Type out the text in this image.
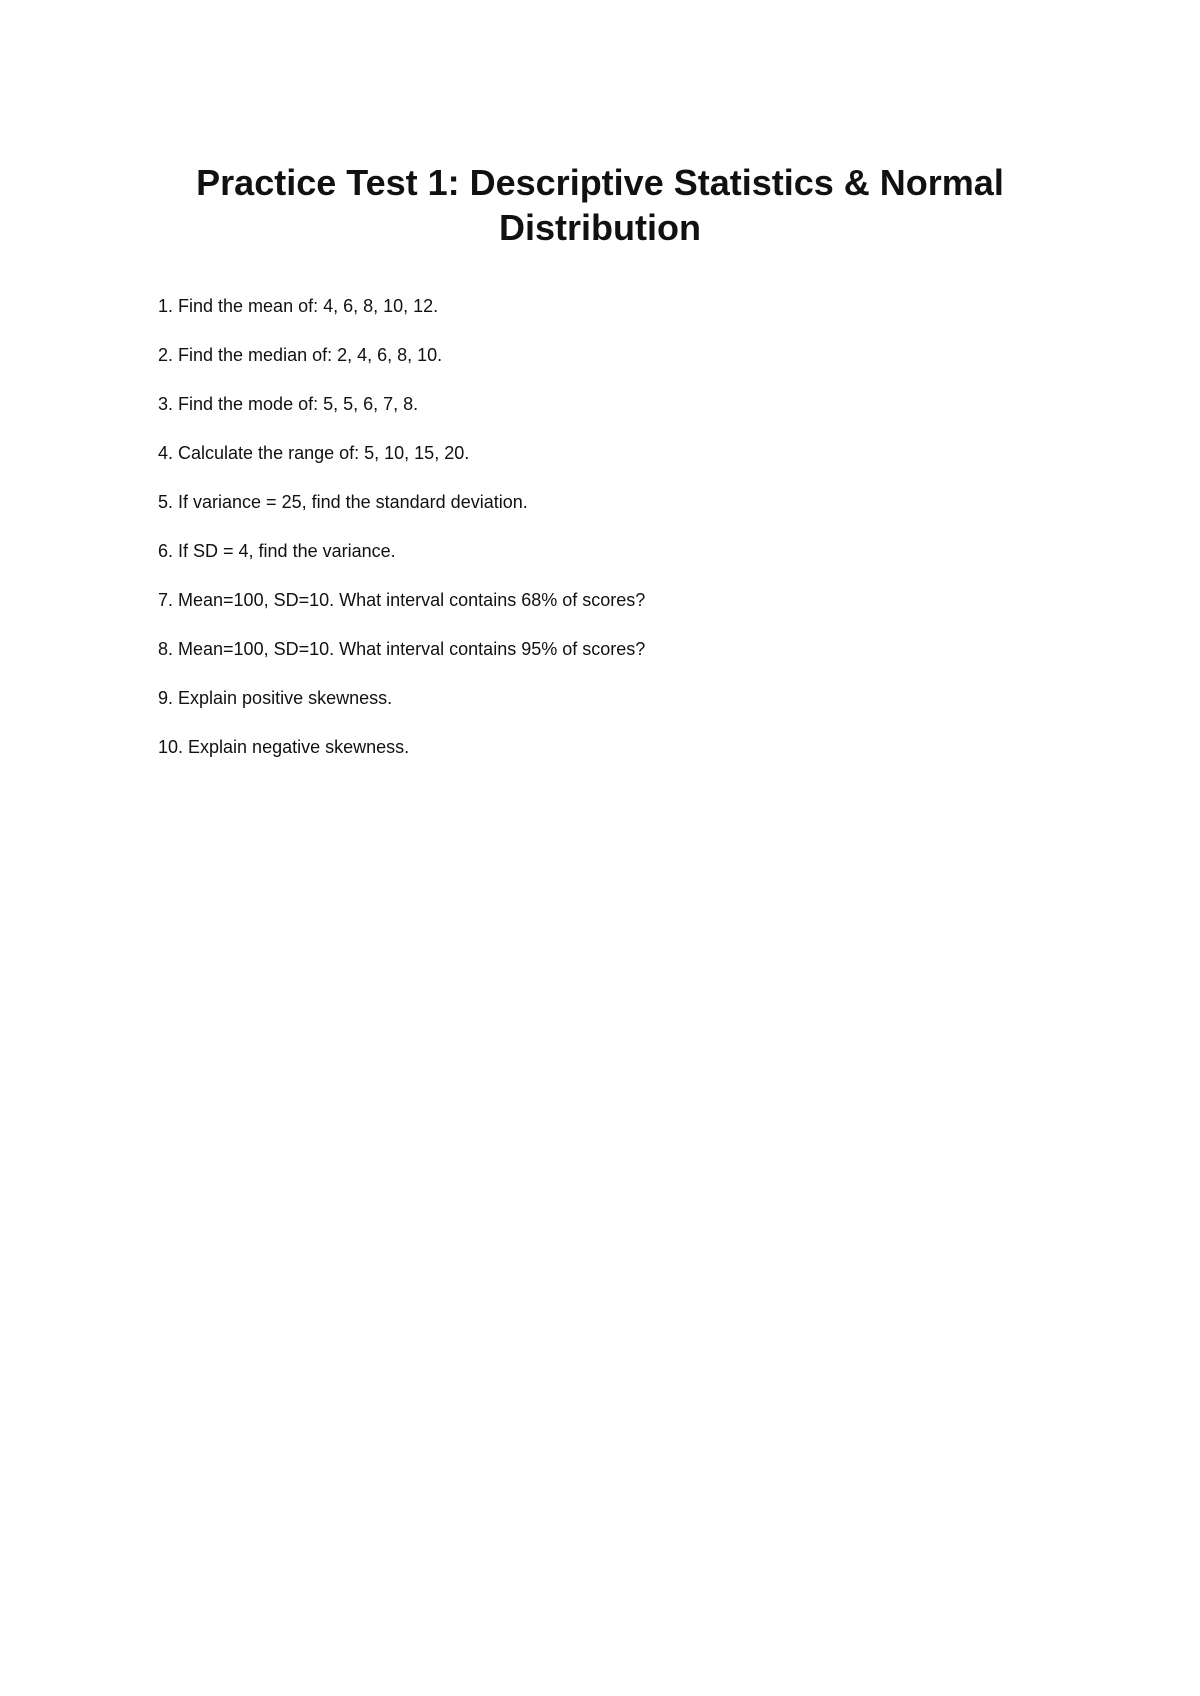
Practice Test 1: Descriptive Statistics & Normal Distribution
1. Find the mean of: 4, 6, 8, 10, 12.
2. Find the median of: 2, 4, 6, 8, 10.
3. Find the mode of: 5, 5, 6, 7, 8.
4. Calculate the range of: 5, 10, 15, 20.
5. If variance = 25, find the standard deviation.
6. If SD = 4, find the variance.
7. Mean=100, SD=10. What interval contains 68% of scores?
8. Mean=100, SD=10. What interval contains 95% of scores?
9. Explain positive skewness.
10. Explain negative skewness.
